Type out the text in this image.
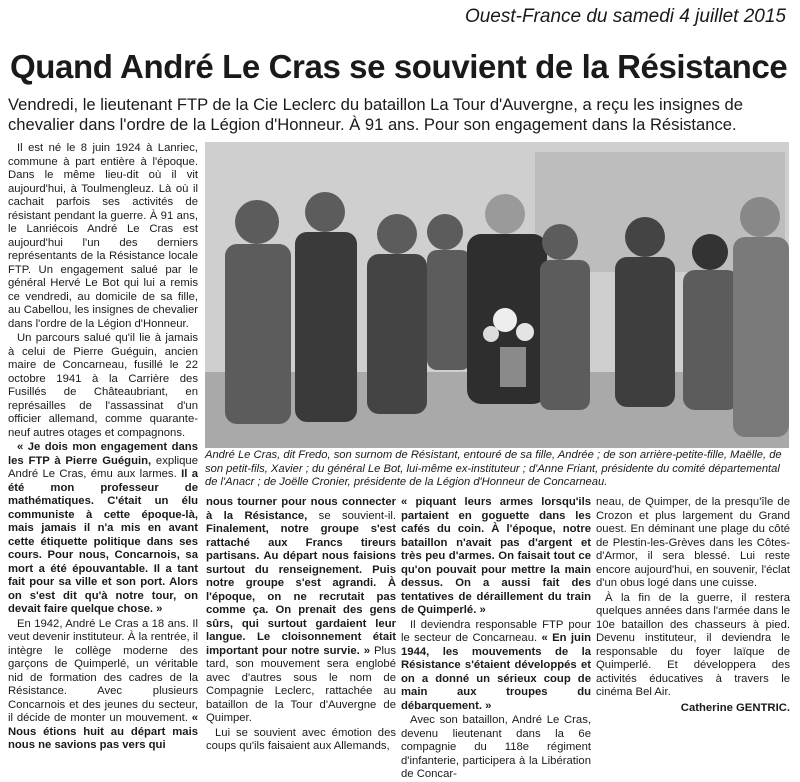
Ouest-France du samedi 4 juillet 2015
Quand André Le Cras se souvient de la Résistance
Vendredi, le lieutenant FTP de la Cie Leclerc du bataillon La Tour d'Auvergne, a reçu les insignes de chevalier dans l'ordre de la Légion d'Honneur. À 91 ans. Pour son engagement dans la Résistance.

Il est né le 8 juin 1924 à Lanriec, commune à part entière à l'époque. Dans le même lieu-dit où il vit aujourd'hui, à Toulmengleuz. Là où il cachait parfois ses activités de résistant pendant la guerre. À 91 ans, le Lanriécois André Le Cras est aujourd'hui l'un des derniers représentants de la Résistance locale FTP. Un engagement salué par le général Hervé Le Bot qui lui a remis ce vendredi, au domicile de sa fille, au Cabellou, les insignes de chevalier dans l'ordre de la Légion d'Honneur.

Un parcours salué qu'il lie à jamais à celui de Pierre Guéguin, ancien maire de Concarneau, fusillé le 22 octobre 1941 à la Carrière des Fusillés de Châteaubriant, en représailles de l'assassinat d'un officier allemand, comme quarante-neuf autres otages et compagnons.

« Je dois mon engagement dans les FTP à Pierre Guéguin, explique André Le Cras, ému aux larmes. Il a été mon professeur de mathématiques. C'était un élu communiste à cette époque-là, mais jamais il n'a mis en avant cette étiquette politique dans ses cours. Pour nous, Concarnois, sa mort a été épouvantable. Il a tant fait pour sa ville et son port. Alors on s'est dit qu'à notre tour, on devait faire quelque chose. »

En 1942, André Le Cras a 18 ans. Il veut devenir instituteur. À la rentrée, il intègre le collège moderne des garçons de Quimperlé, un véritable nid de formation des cadres de la Résistance. Avec plusieurs Concarnois et des jeunes du secteur, il décide de monter un mouvement. « Nous étions huit au départ mais nous ne savions pas vers qui

André Le Cras, dit Fredo, son surnom de Résistant, entouré de sa fille, Andrée ; de son arrière-petite-fille, Maëlle, de son petit-fils, Xavier ; du général Le Bot, lui-même ex-instituteur ; d'Anne Friant, présidente du comité départemental de l'Anacr ; de Joëlle Cronier, présidente de la Légion d'Honneur de Concarneau.

nous tourner pour nous connecter à la Résistance, se souvient-il. Finalement, notre groupe s'est rattaché aux Francs tireurs partisans. Au départ nous faisions surtout du renseignement. Puis notre groupe s'est agrandi. À l'époque, on ne recrutait pas comme ça. On prenait des gens sûrs, qui surtout gardaient leur langue. Le cloisonnement était important pour notre survie. » Plus tard, son mouvement sera englobé avec d'autres sous le nom de Compagnie Leclerc, rattachée au bataillon de la Tour d'Auvergne de Quimper.

Lui se souvient avec émotion des coups qu'ils faisaient aux Allemands,

« piquant leurs armes lorsqu'ils partaient en goguette dans les cafés du coin. À l'époque, notre bataillon n'avait pas d'argent et très peu d'armes. On faisait tout ce qu'on pouvait pour mettre la main dessus. On a aussi fait des tentatives de déraillement du train de Quimperlé. »

Il deviendra responsable FTP pour le secteur de Concarneau. « En juin 1944, les mouvements de la Résistance s'étaient développés et on a donné un sérieux coup de main aux troupes du débarquement. »

Avec son bataillon, André Le Cras, devenu lieutenant dans la 6e compagnie du 118e régiment d'infanterie, participera à la Libération de Concar-

neau, de Quimper, de la presqu'île de Crozon et plus largement du Grand ouest. En déminant une plage du côté de Plestin-les-Grèves dans les Côtes-d'Armor, il sera blessé. Lui reste encore aujourd'hui, en souvenir, l'éclat d'un obus logé dans une cuisse.

À la fin de la guerre, il restera quelques années dans l'armée dans le 10e bataillon des chasseurs à pied. Devenu instituteur, il deviendra le responsable du foyer laïque de Quimperlé. Et développera des activités éducatives à travers le cinéma Bel Air.

Catherine GENTRIC.
